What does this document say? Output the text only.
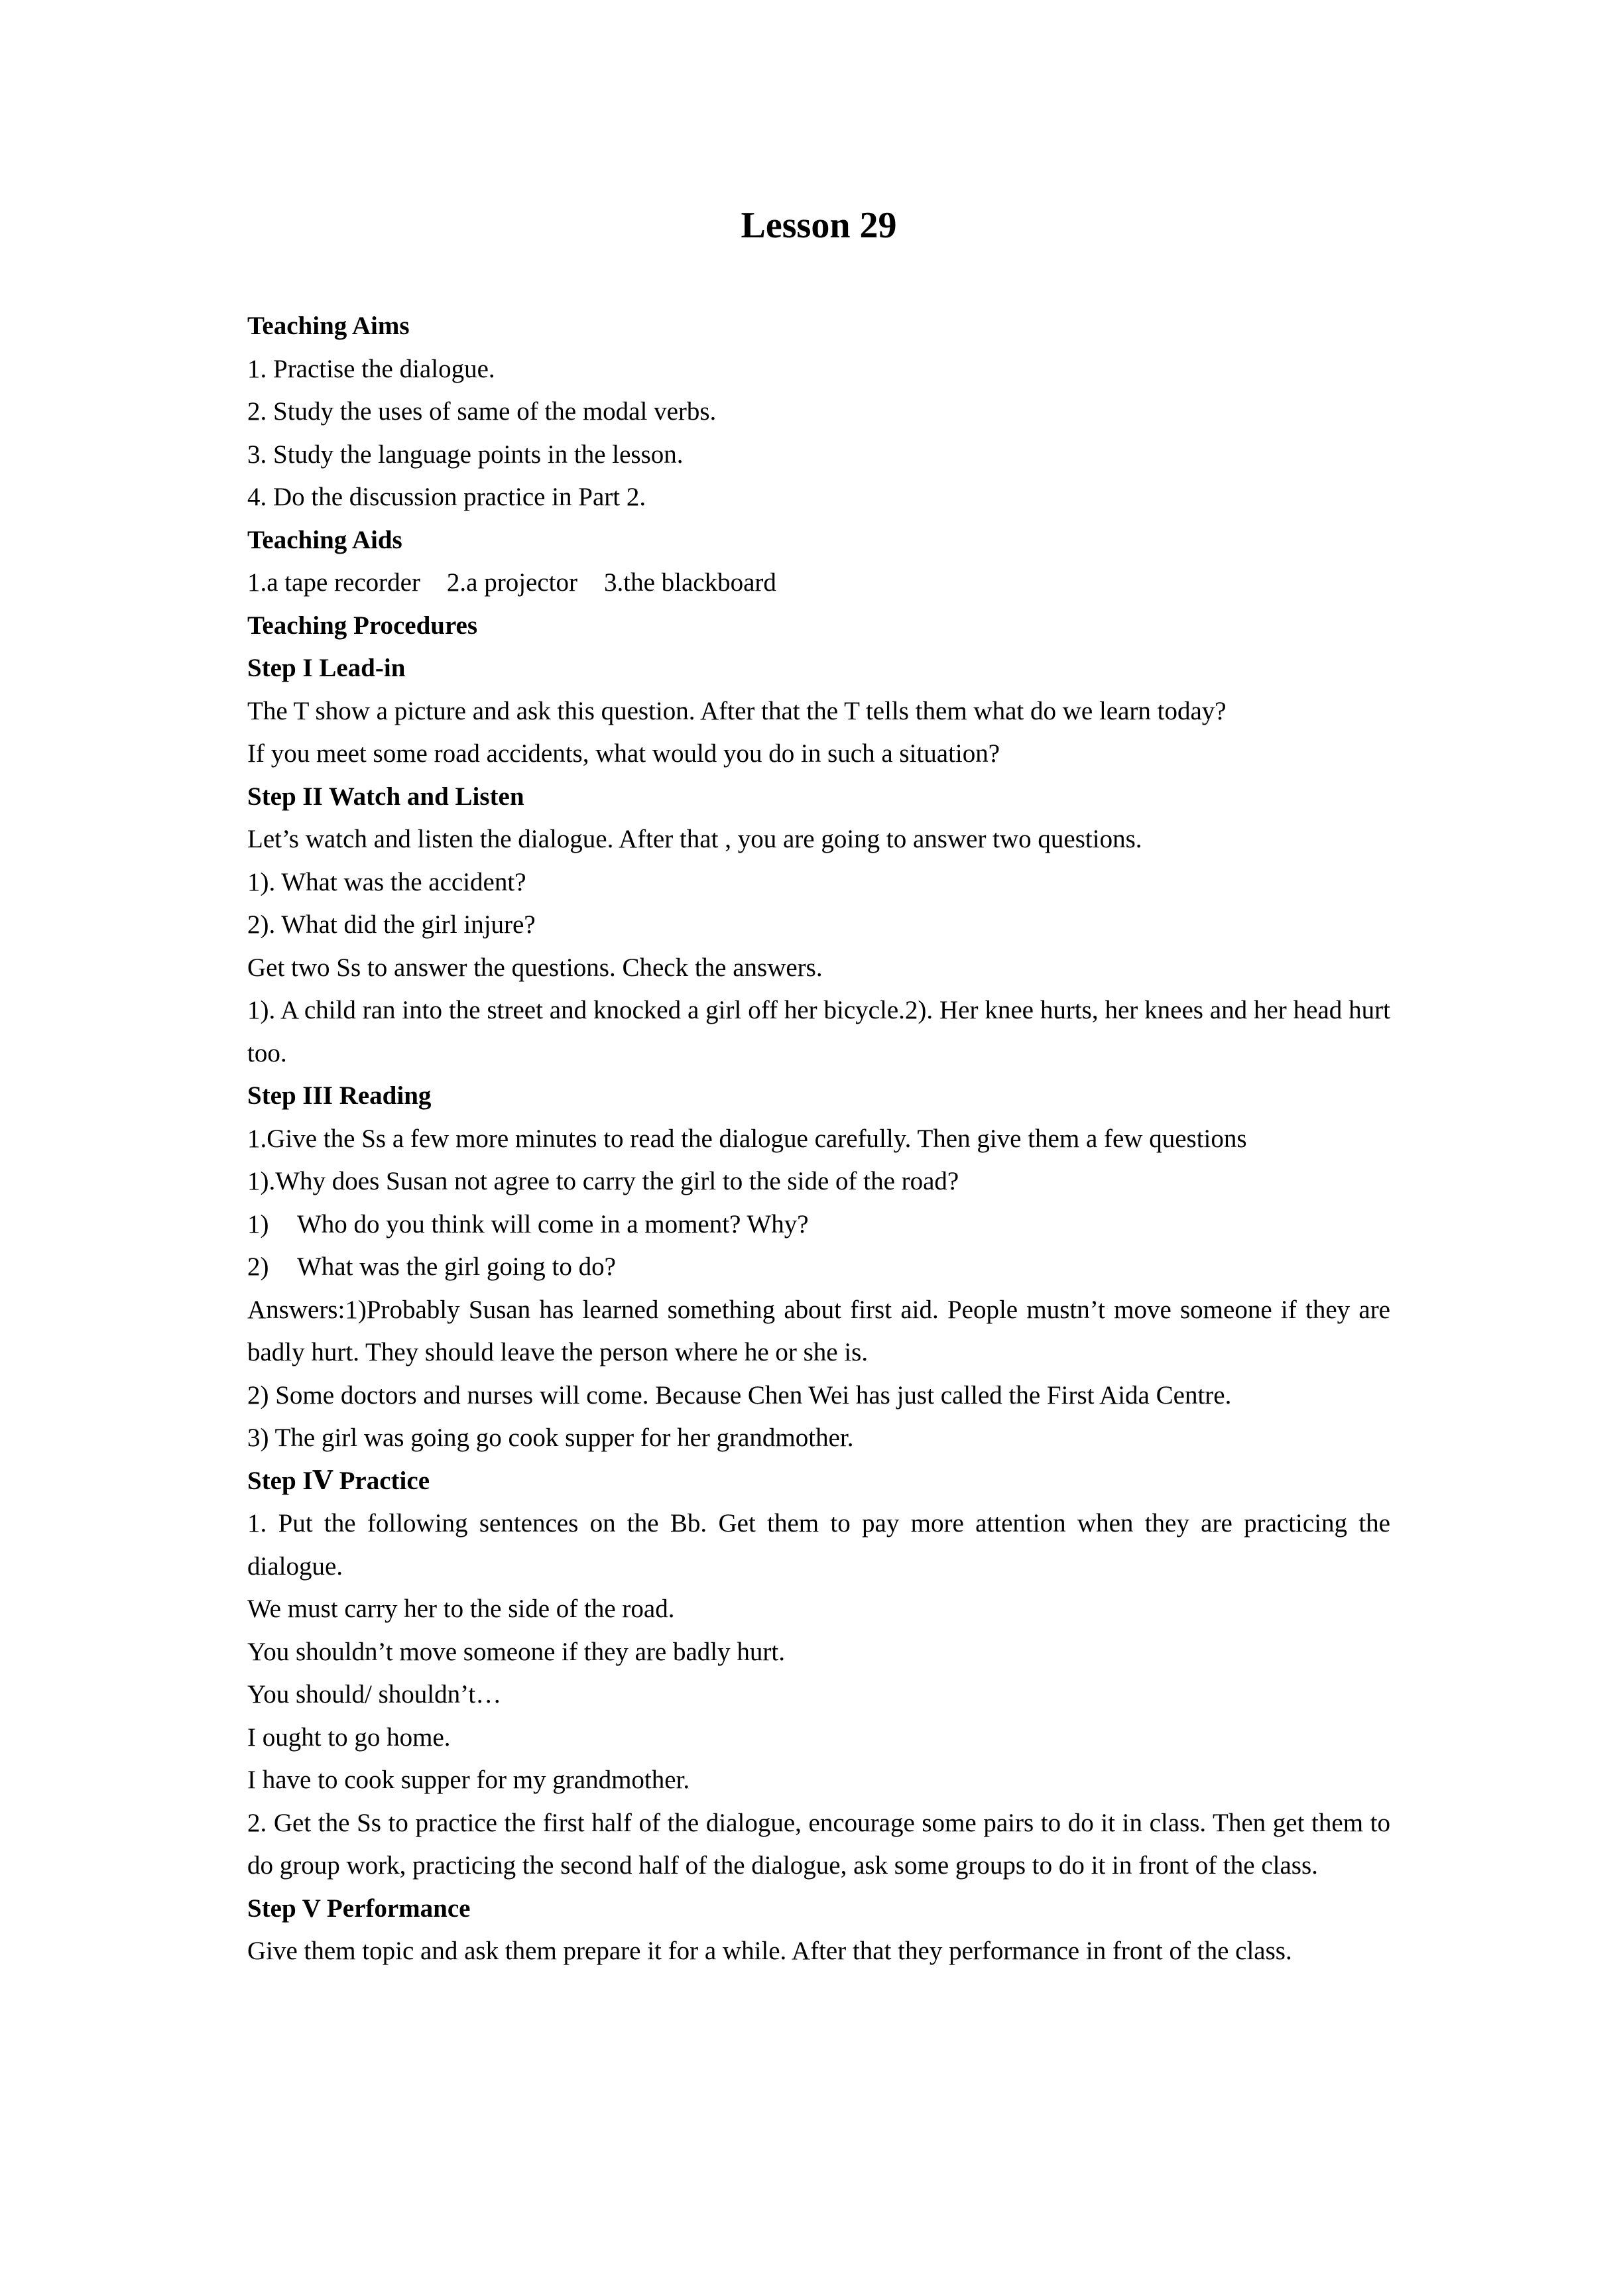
Lesson 29

Teaching Aims

1. Practise the dialogue.

2. Study the uses of same of the modal verbs.

3. Study the language points in the lesson.

4. Do the discussion practice in Part 2.

Teaching Aids

1.a tape recorder 2.a projector 3.the blackboard

Teaching Procedures

Step I Lead-in

The T show a picture and ask this question. After that the T tells them what do we learn today?

If you meet some road accidents, what would you do in such a situation?

Step II Watch and Listen

Let’s watch and listen the dialogue. After that , you are going to answer two questions.

1). What was the accident?

2). What did the girl injure?

Get two Ss to answer the questions. Check the answers.

1). A child ran into the street and knocked a girl off her bicycle.2). Her knee hurts, her knees and her head hurt too.

Step III Reading

1.Give the Ss a few more minutes to read the dialogue carefully. Then give them a few questions

1).Why does Susan not agree to carry the girl to the side of the road?

1) Who do you think will come in a moment? Why?

2) What was the girl going to do?

Answers:1)Probably Susan has learned something about first aid. People mustn’t move someone if they are badly hurt. They should leave the person where he or she is.

2) Some doctors and nurses will come. Because Chen Wei has just called the First Aida Centre.

3) The girl was going go cook supper for her grandmother.

Step IⅤ Practice

1. Put the following sentences on the Bb. Get them to pay more attention when they are practicing the dialogue.

We must carry her to the side of the road.

You shouldn’t move someone if they are badly hurt.

You should/ shouldn’t…

I ought to go home.

I have to cook supper for my grandmother.

2. Get the Ss to practice the first half of the dialogue, encourage some pairs to do it in class. Then get them to do group work, practicing the second half of the dialogue, ask some groups to do it in front of the class.

Step V Performance

Give them topic and ask them prepare it for a while. After that they performance in front of the class.
